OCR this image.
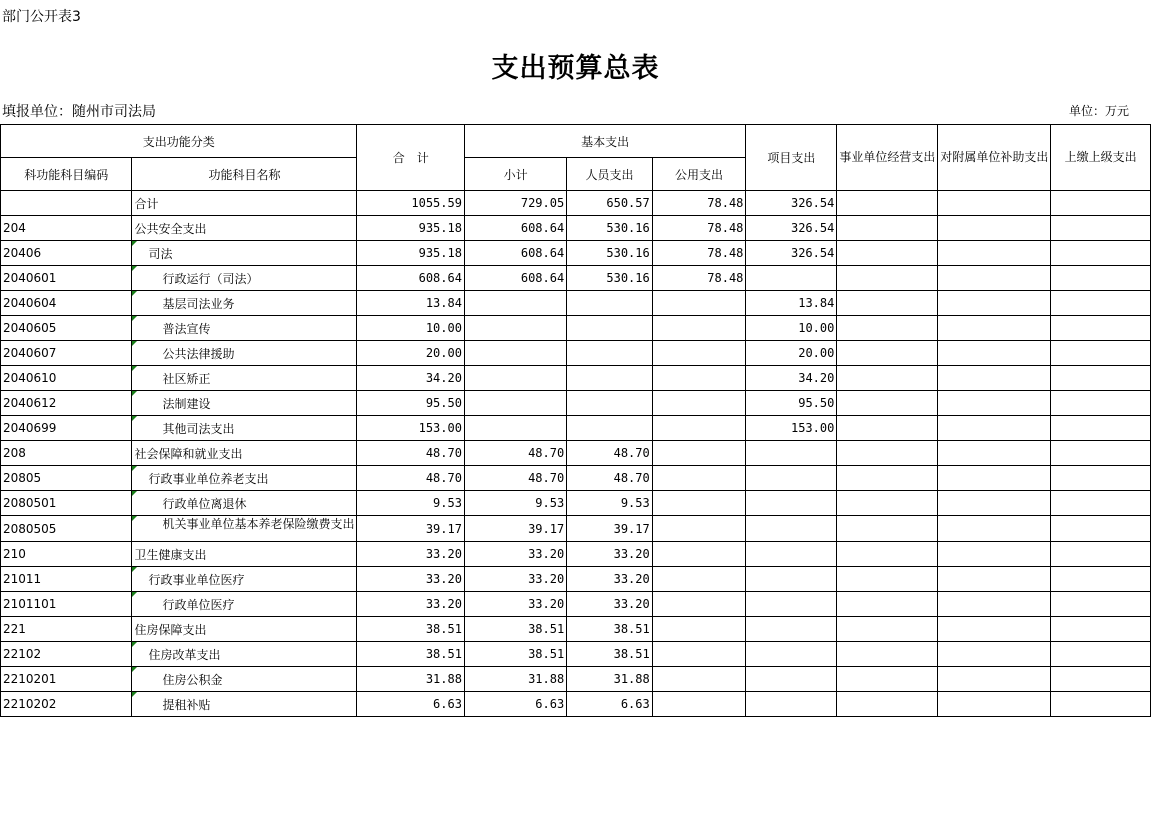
部门公开表3
支出预算总表
填报单位：随州市司法局	单位：万元
支出功能分类		合　计	基本支出			项目支出	事业单位经营支出	对附属单位补助支出	上缴上级支出
科功能科目编码	功能科目名称		小计	人员支出	公用支出				
	合计	1055.59	729.05	650.57	78.48	326.54			
204	公共安全支出	935.18	608.64	530.16	78.48	326.54			
20406	司法	935.18	608.64	530.16	78.48	326.54			
2040601	行政运行（司法）	608.64	608.64	530.16	78.48				
2040604	基层司法业务	13.84				13.84			
2040605	普法宣传	10.00				10.00			
2040607	公共法律援助	20.00				20.00			
2040610	社区矫正	34.20				34.20			
2040612	法制建设	95.50				95.50			
2040699	其他司法支出	153.00				153.00			
208	社会保障和就业支出	48.70	48.70	48.70					
20805	行政事业单位养老支出	48.70	48.70	48.70					
2080501	行政单位离退休	9.53	9.53	9.53					
2080505	机关事业单位基本养老保险缴费支出	39.17	39.17	39.17					
210	卫生健康支出	33.20	33.20	33.20					
21011	行政事业单位医疗	33.20	33.20	33.20					
2101101	行政单位医疗	33.20	33.20	33.20					
221	住房保障支出	38.51	38.51	38.51					
22102	住房改革支出	38.51	38.51	38.51					
2210201	住房公积金	31.88	31.88	31.88					
2210202	提租补贴	6.63	6.63	6.63					
